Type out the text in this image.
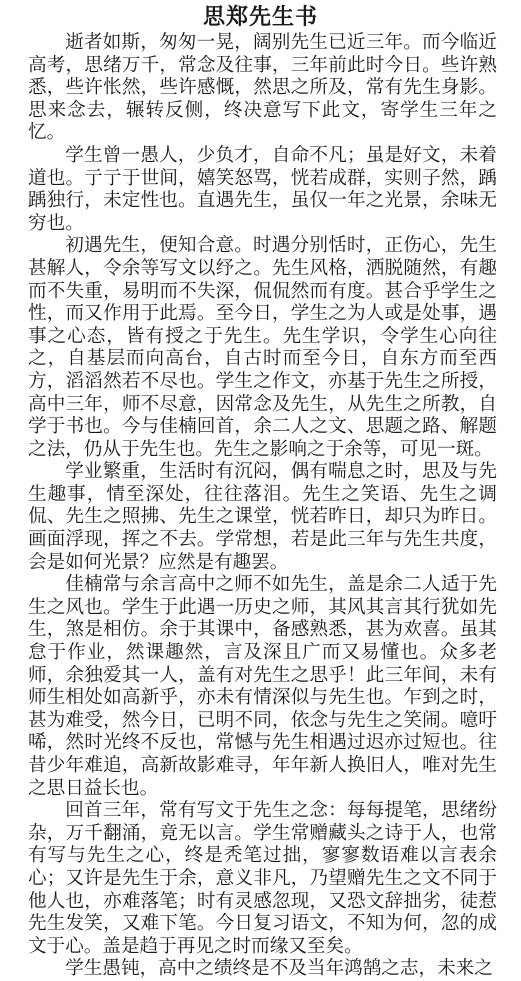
思郑先生书

逝者如斯，匆匆一晃，阔别先生已近三年。而今临近高考，思绪万千，常念及往事，三年前此时今日。些许熟悉，些许怅然，些许感慨，然思之所及，常有先生身影。思来念去，辗转反侧，终决意写下此文，寄学生三年之忆。

学生曾一愚人，少负才，自命不凡；虽是好文，未着道也。亍亍于世间，嬉笑怒骂，恍若成群，实则子然，踽踽独行，未定性也。直遇先生，虽仅一年之光景，余味无穷也。

初遇先生，便知合意。时遇分别恬时，正伤心，先生甚解人，令余等写文以纾之。先生风格，洒脱随然，有趣而不失重，易明而不失深，侃侃然而有度。甚合乎学生之性，而又作用于此焉。至今日，学生之为人或是处事，遇事之心态，皆有授之于先生。先生学识，令学生心向往之，自基层而向高台，自古时而至今日，自东方而至西方，滔滔然若不尽也。学生之作文，亦基于先生之所授，高中三年，师不尽意，因常念及先生，从先生之所教，自学于书也。今与佳楠回首，余二人之文、思题之路、解题之法，仍从于先生也。先生之影响之于余等，可见一斑。

学业繁重，生活时有沉闷，偶有喘息之时，思及与先生趣事，情至深处，往往落泪。先生之笑语、先生之调侃、先生之照拂、先生之课堂，恍若昨日，却只为昨日。画面浮现，挥之不去。学常想，若是此三年与先生共度，会是如何光景？应然是有趣罢。

佳楠常与余言高中之师不如先生，盖是余二人适于先生之风也。学生于此遇一历史之师，其风其言其行犹如先生，煞是相仿。余于其课中，备感熟悉，甚为欢喜。虽其怠于作业，然课趣然，言及深且广而又易懂也。众多老师，余独爱其一人，盖有对先生之思乎！此三年间，未有师生相处如高新乎，亦未有情深似与先生也。乍到之时，甚为难受，然今日，已明不同，依念与先生之笑闹。噫吁唏，然时光终不反也，常憾与先生相遇过迟亦过短也。往昔少年难追，高新故影难寻，年年新人换旧人，唯对先生之思日益长也。

回首三年，常有写文于先生之念：每每提笔，思绪纷杂，万千翻涌，竟无以言。学生常赠藏头之诗于人，也常有写与先生之心，终是秃笔过拙，寥寥数语难以言表余心；又许是先生于余，意义非凡，乃望赠先生之文不同于他人也，亦难落笔；时有灵感忽现，又恐文辞拙劣，徒惹先生发笑，又难下笔。今日复习语文，不知为何，忽的成文于心。盖是趋于再见之时而缘又至矣。

学生愚钝，高中之绩终是不及当年鸿鹄之志，未来之
